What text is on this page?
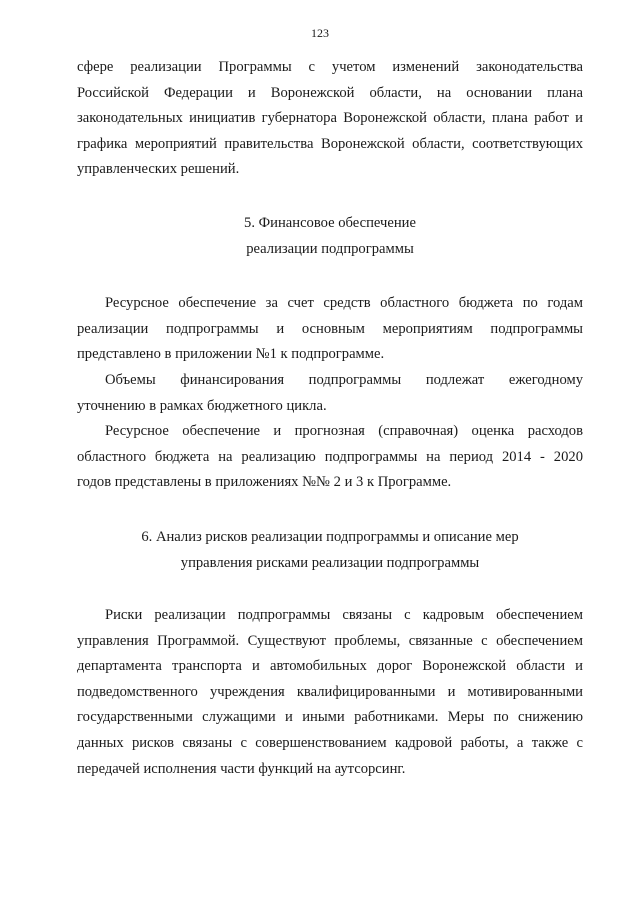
123
сфере реализации Программы с учетом изменений законодательства
Российской Федерации и Воронежской области, на основании плана
законодательных инициатив губернатора Воронежской области, плана работ и
графика мероприятий правительства Воронежской области, соответствующих
управленческих решений.
5. Финансовое обеспечение
реализации подпрограммы
Ресурсное обеспечение за счет средств областного бюджета по годам
реализации подпрограммы и основным мероприятиям подпрограммы
представлено в приложении №1 к подпрограмме.
Объемы финансирования подпрограммы подлежат ежегодному
уточнению в рамках бюджетного цикла.
Ресурсное обеспечение и прогнозная (справочная) оценка расходов
областного бюджета на реализацию подпрограммы на период 2014 - 2020
годов представлены в приложениях №№ 2 и 3 к Программе.
6. Анализ рисков реализации подпрограммы и описание мер
управления рисками реализации подпрограммы
Риски реализации подпрограммы связаны с кадровым обеспечением
управления Программой. Существуют проблемы, связанные с обеспечением
департамента транспорта и автомобильных дорог Воронежской области и
подведомственного учреждения квалифицированными и мотивированными
государственными служащими и иными работниками. Меры по снижению
данных рисков связаны с совершенствованием кадровой работы, а также с
передачей исполнения части функций на аутсорсинг.
